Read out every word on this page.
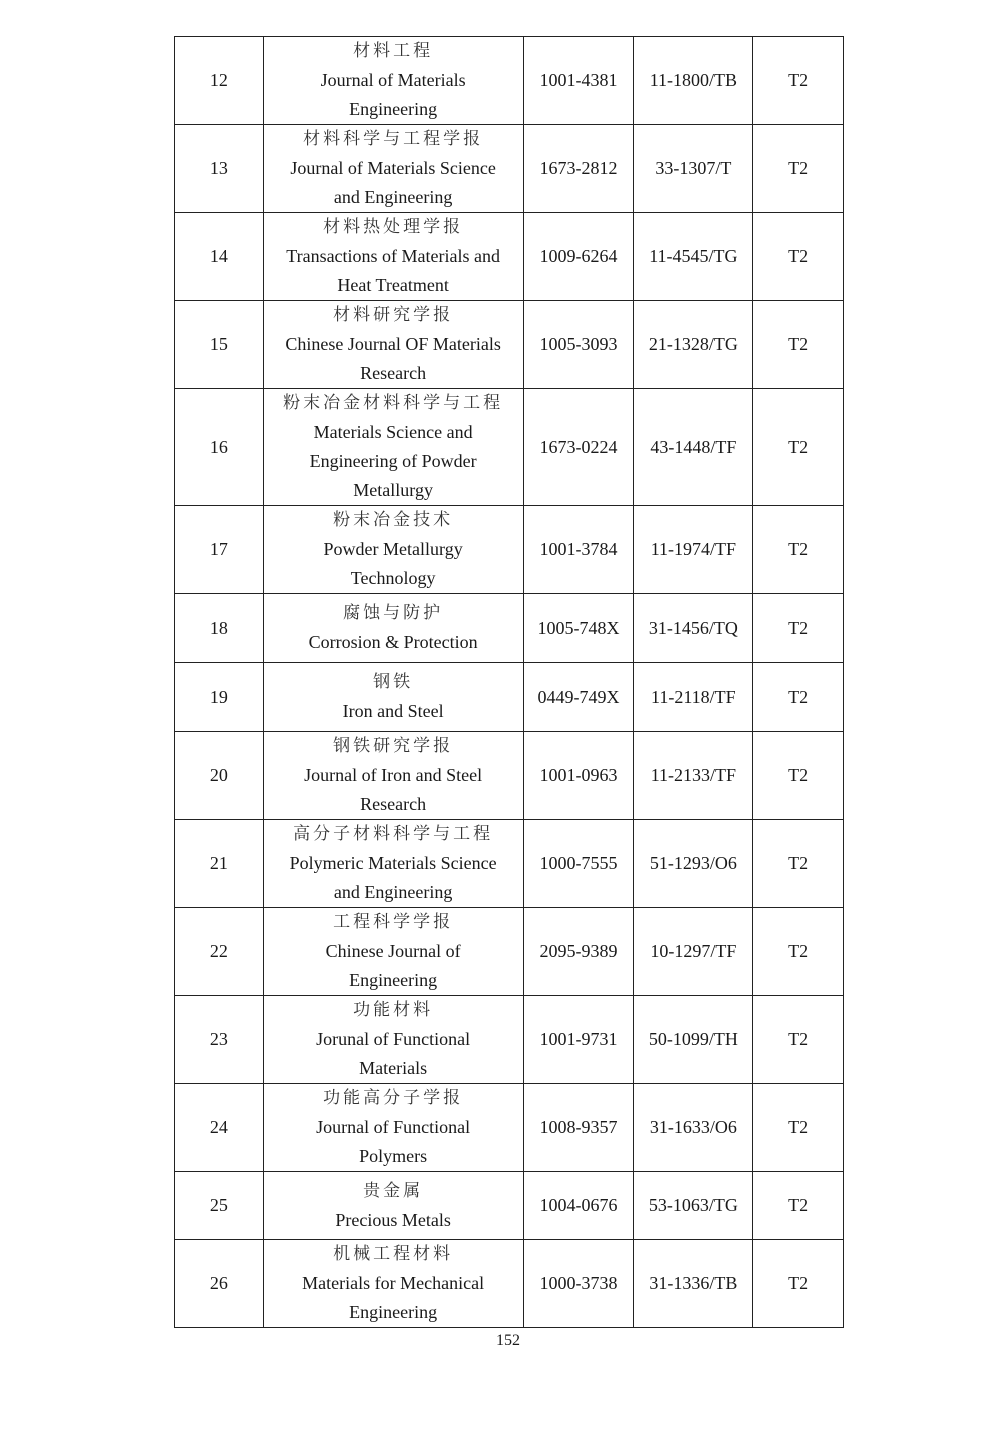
12	材料工程
Journal of Materials
Engineering	1001-4381	11-1800/TB	T2
13	材料科学与工程学报
Journal of Materials Science
and Engineering	1673-2812	33-1307/T	T2
14	材料热处理学报
Transactions of Materials and
Heat Treatment	1009-6264	11-4545/TG	T2
15	材料研究学报
Chinese Journal OF Materials
Research	1005-3093	21-1328/TG	T2
16	粉末冶金材料科学与工程
Materials Science and
Engineering of Powder
Metallurgy	1673-0224	43-1448/TF	T2
17	粉末冶金技术
Powder Metallurgy
Technology	1001-3784	11-1974/TF	T2
18	腐蚀与防护
Corrosion & Protection	1005-748X	31-1456/TQ	T2
19	钢铁
Iron and Steel	0449-749X	11-2118/TF	T2
20	钢铁研究学报
Journal of Iron and Steel
Research	1001-0963	11-2133/TF	T2
21	高分子材料科学与工程
Polymeric Materials Science
and Engineering	1000-7555	51-1293/O6	T2
22	工程科学学报
Chinese Journal of
Engineering	2095-9389	10-1297/TF	T2
23	功能材料
Jorunal of Functional
Materials	1001-9731	50-1099/TH	T2
24	功能高分子学报
Journal of Functional
Polymers	1008-9357	31-1633/O6	T2
25	贵金属
Precious Metals	1004-0676	53-1063/TG	T2
26	机械工程材料
Materials for Mechanical
Engineering	1000-3738	31-1336/TB	T2
152
